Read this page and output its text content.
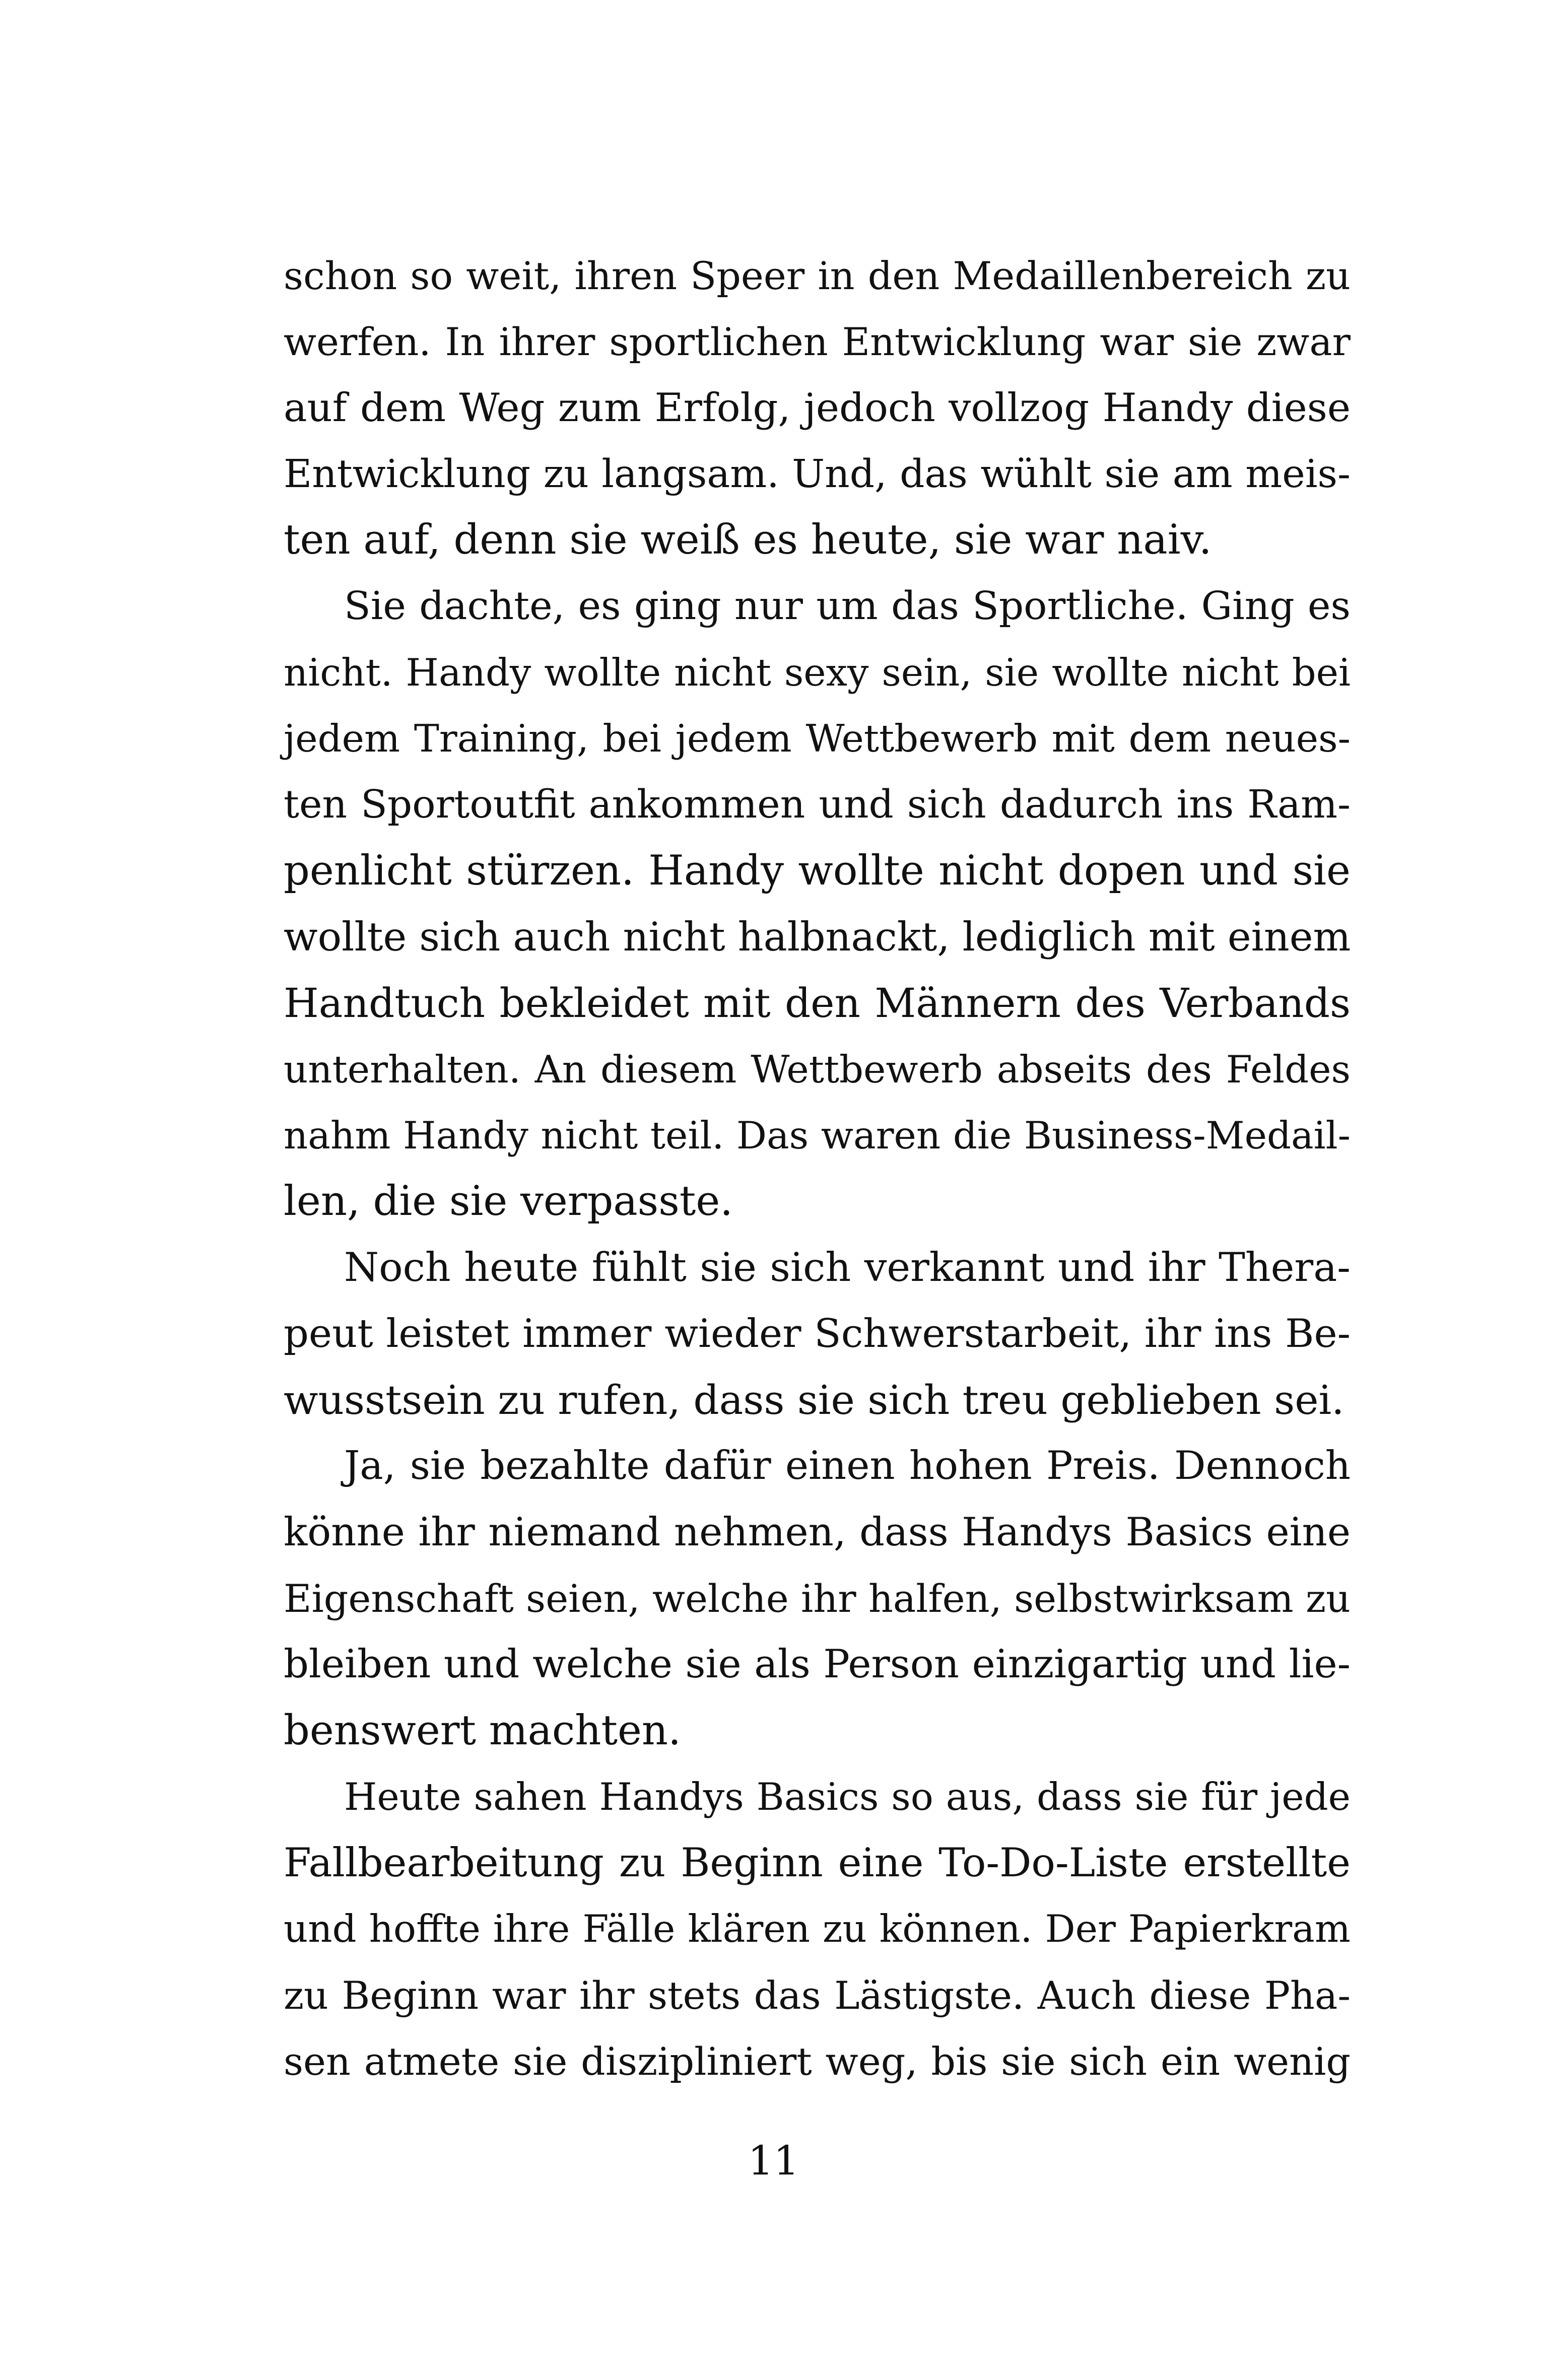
schon so weit, ihren Speer in den Medaillenbereich zu
werfen. In ihrer sportlichen Entwicklung war sie zwar
auf dem Weg zum Erfolg, jedoch vollzog Handy diese
Entwicklung zu langsam. Und, das wühlt sie am meis-
ten auf, denn sie weiß es heute, sie war naiv.
Sie dachte, es ging nur um das Sportliche. Ging es
nicht. Handy wollte nicht sexy sein, sie wollte nicht bei
jedem Training, bei jedem Wettbewerb mit dem neues-
ten Sportoutfit ankommen und sich dadurch ins Ram-
penlicht stürzen. Handy wollte nicht dopen und sie
wollte sich auch nicht halbnackt, lediglich mit einem
Handtuch bekleidet mit den Männern des Verbands
unterhalten. An diesem Wettbewerb abseits des Feldes
nahm Handy nicht teil. Das waren die Business-Medail-
len, die sie verpasste.
Noch heute fühlt sie sich verkannt und ihr Thera-
peut leistet immer wieder Schwerstarbeit, ihr ins Be-
wusstsein zu rufen, dass sie sich treu geblieben sei.
Ja, sie bezahlte dafür einen hohen Preis. Dennoch
könne ihr niemand nehmen, dass Handys Basics eine
Eigenschaft seien, welche ihr halfen, selbstwirksam zu
bleiben und welche sie als Person einzigartig und lie-
benswert machten.
Heute sahen Handys Basics so aus, dass sie für jede
Fallbearbeitung zu Beginn eine To-Do-Liste erstellte
und hoffte ihre Fälle klären zu können. Der Papierkram
zu Beginn war ihr stets das Lästigste. Auch diese Pha-
sen atmete sie diszipliniert weg, bis sie sich ein wenig
11
